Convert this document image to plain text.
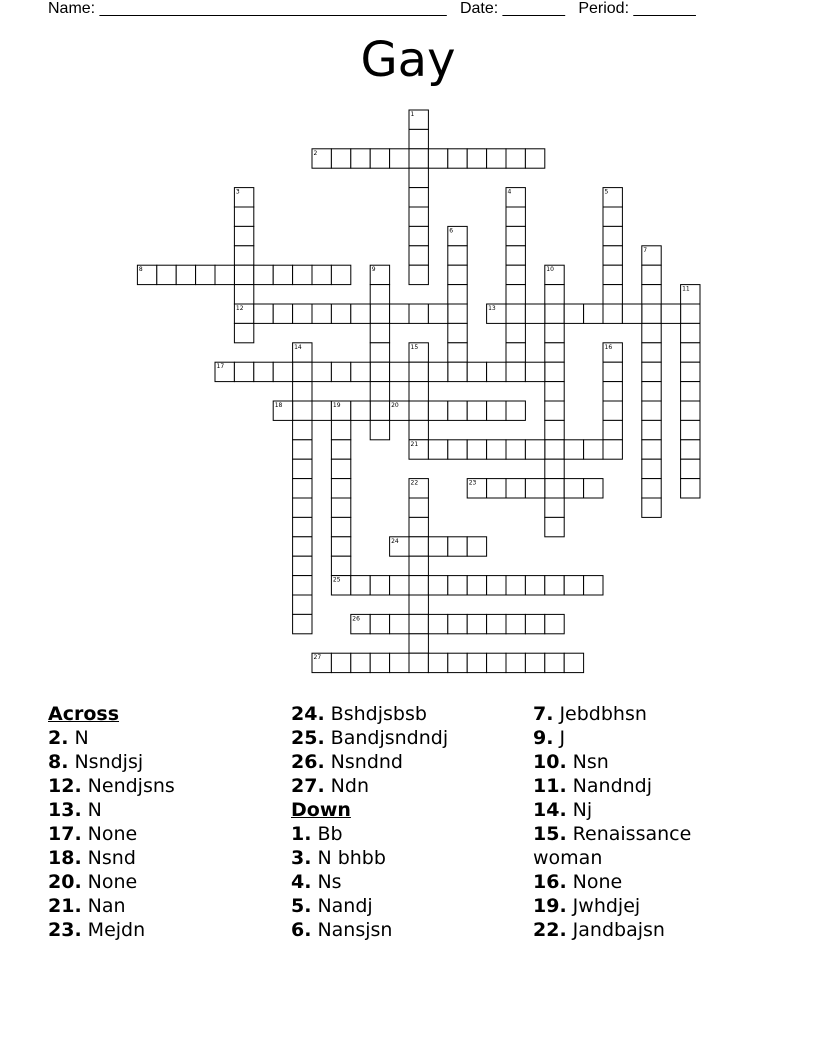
Name: _______________________________________ Date: _______ Period: _______
Gay
1
2
3	4	5
6
7
8	9	10
11
12	13
14	15	16
17
18	19	20
21
22	23
24
25
26
27
Across
2. N
8. Nsndjsj
12. Nendjsns
13. N
17. None
18. Nsnd
20. None
21. Nan
23. Mejdn
24. Bshdjsbsb
25. Bandjsndndj
26. Nsndnd
27. Ndn
Down
1. Bb
3. N bhbb
4. Ns
5. Nandj
6. Nansjsn
7. Jebdbhsn
9. J
10. Nsn
11. Nandndj
14. Nj
15. Renaissance woman
16. None
19. Jwhdjej
22. Jandbajsn
